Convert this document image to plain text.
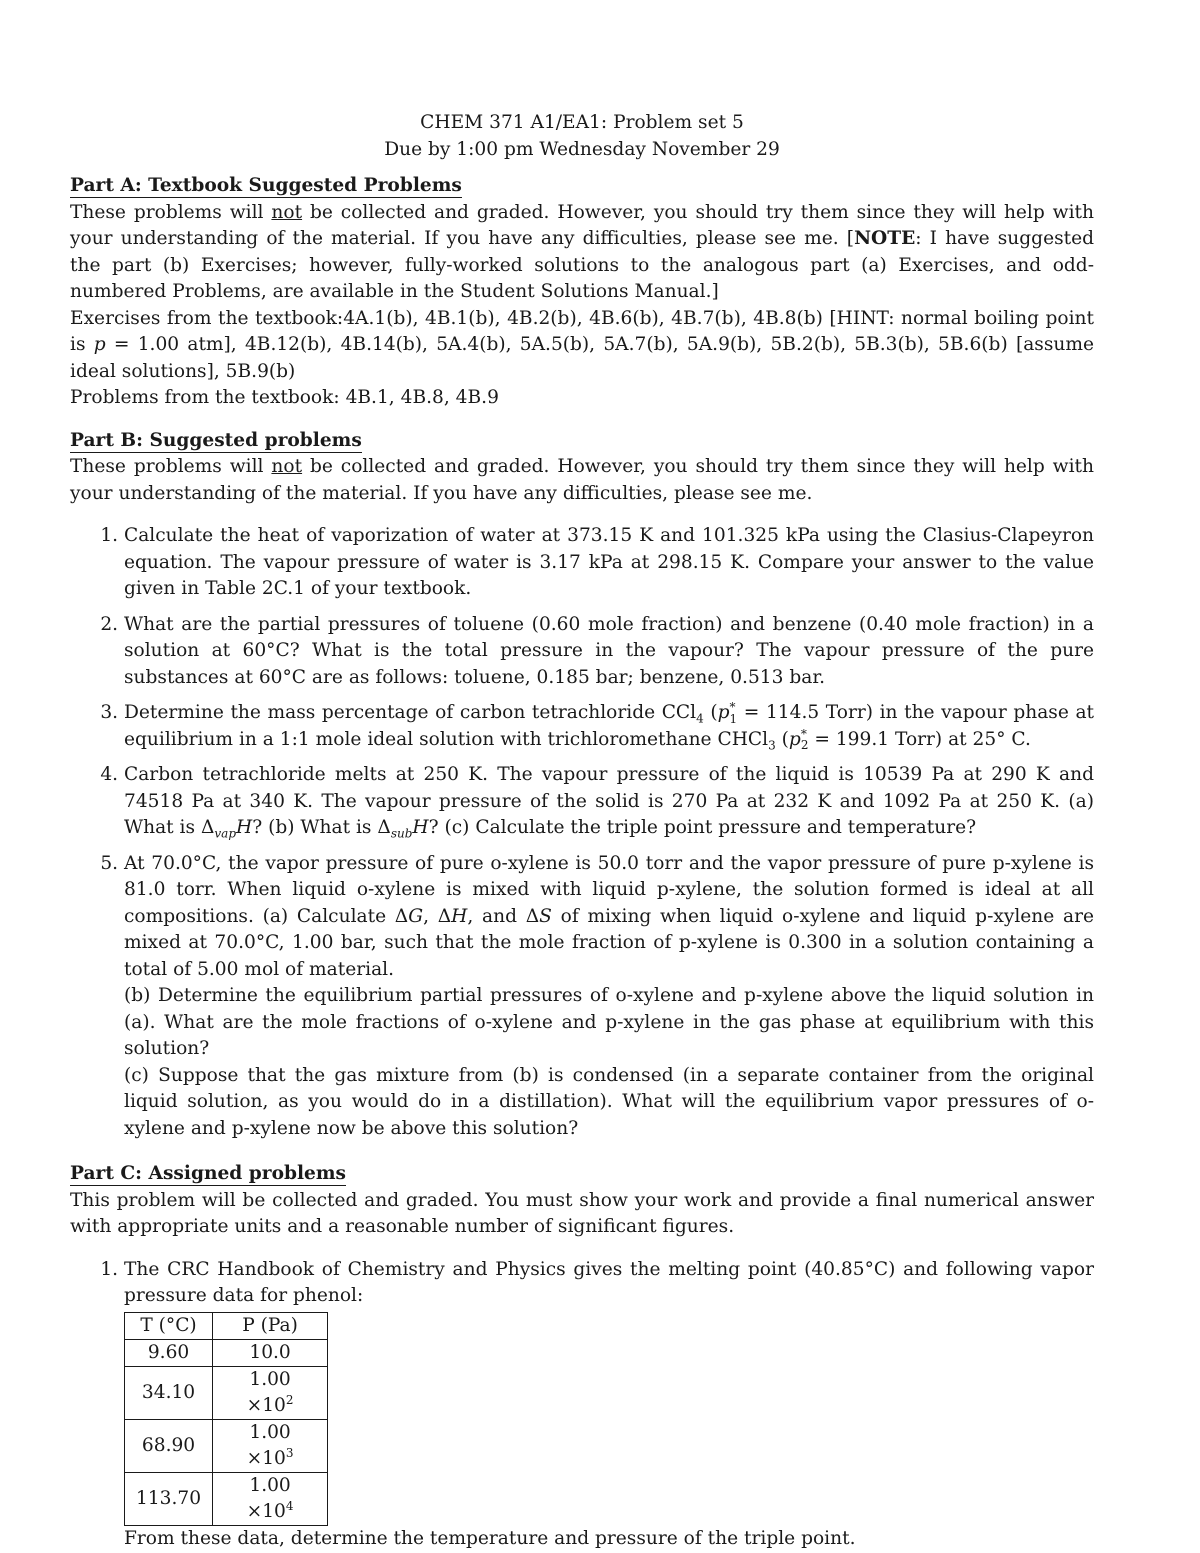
CHEM 371 A1/EA1: Problem set 5
Due by 1:00 pm Wednesday November 29
Part A: Textbook Suggested Problems
These problems will not be collected and graded. However, you should try them since they will help with your understanding of the material. If you have any difficulties, please see me. [NOTE: I have suggested the part (b) Exercises; however, fully-worked solutions to the analogous part (a) Exercises, and odd-numbered Problems, are available in the Student Solutions Manual.]
Exercises from the textbook:4A.1(b), 4B.1(b), 4B.2(b), 4B.6(b), 4B.7(b), 4B.8(b) [HINT: normal boiling point is p = 1.00 atm], 4B.12(b), 4B.14(b), 5A.4(b), 5A.5(b), 5A.7(b), 5A.9(b), 5B.2(b), 5B.3(b), 5B.6(b) [assume ideal solutions], 5B.9(b)
Problems from the textbook: 4B.1, 4B.8, 4B.9
Part B: Suggested problems
These problems will not be collected and graded. However, you should try them since they will help with your understanding of the material. If you have any difficulties, please see me.
1. Calculate the heat of vaporization of water at 373.15 K and 101.325 kPa using the Clasius-Clapeyron equation. The vapour pressure of water is 3.17 kPa at 298.15 K. Compare your answer to the value given in Table 2C.1 of your textbook.
2. What are the partial pressures of toluene (0.60 mole fraction) and benzene (0.40 mole fraction) in a solution at 60°C? What is the total pressure in the vapour? The vapour pressure of the pure substances at 60°C are as follows: toluene, 0.185 bar; benzene, 0.513 bar.
3. Determine the mass percentage of carbon tetrachloride CCl$_4$ ($p^*_1 = 114.5$ Torr) in the vapour phase at equilibrium in a 1:1 mole ideal solution with trichloromethane CHCl$_3$ ($p^*_2 = 199.1$ Torr) at 25° C.
4. Carbon tetrachloride melts at 250 K. The vapour pressure of the liquid is 10539 Pa at 290 K and 74518 Pa at 340 K. The vapour pressure of the solid is 270 Pa at 232 K and 1092 Pa at 250 K. (a) What is $\Delta_{vap}H$? (b) What is $\Delta_{sub}H$? (c) Calculate the triple point pressure and temperature?
5. At 70.0°C, the vapor pressure of pure o-xylene is 50.0 torr and the vapor pressure of pure p-xylene is 81.0 torr. When liquid o-xylene is mixed with liquid p-xylene, the solution formed is ideal at all compositions. (a) Calculate ΔG, ΔH, and ΔS of mixing when liquid o-xylene and liquid p-xylene are mixed at 70.0°C, 1.00 bar, such that the mole fraction of p-xylene is 0.300 in a solution containing a total of 5.00 mol of material.
(b) Determine the equilibrium partial pressures of o-xylene and p-xylene above the liquid solution in (a). What are the mole fractions of o-xylene and p-xylene in the gas phase at equilibrium with this solution?
(c) Suppose that the gas mixture from (b) is condensed (in a separate container from the original liquid solution, as you would do in a distillation). What will the equilibrium vapor pressures of o-xylene and p-xylene now be above this solution?
Part C: Assigned problems
This problem will be collected and graded. You must show your work and provide a final numerical answer with appropriate units and a reasonable number of significant figures.
1. The CRC Handbook of Chemistry and Physics gives the melting point (40.85°C) and following vapor pressure data for phenol:
T (°C)	P (Pa)
9.60	10.0
34.10	$1.00 \times 10^2$
68.90	$1.00 \times 10^3$
113.70	$1.00 \times 10^4$
From these data, determine the temperature and pressure of the triple point.
